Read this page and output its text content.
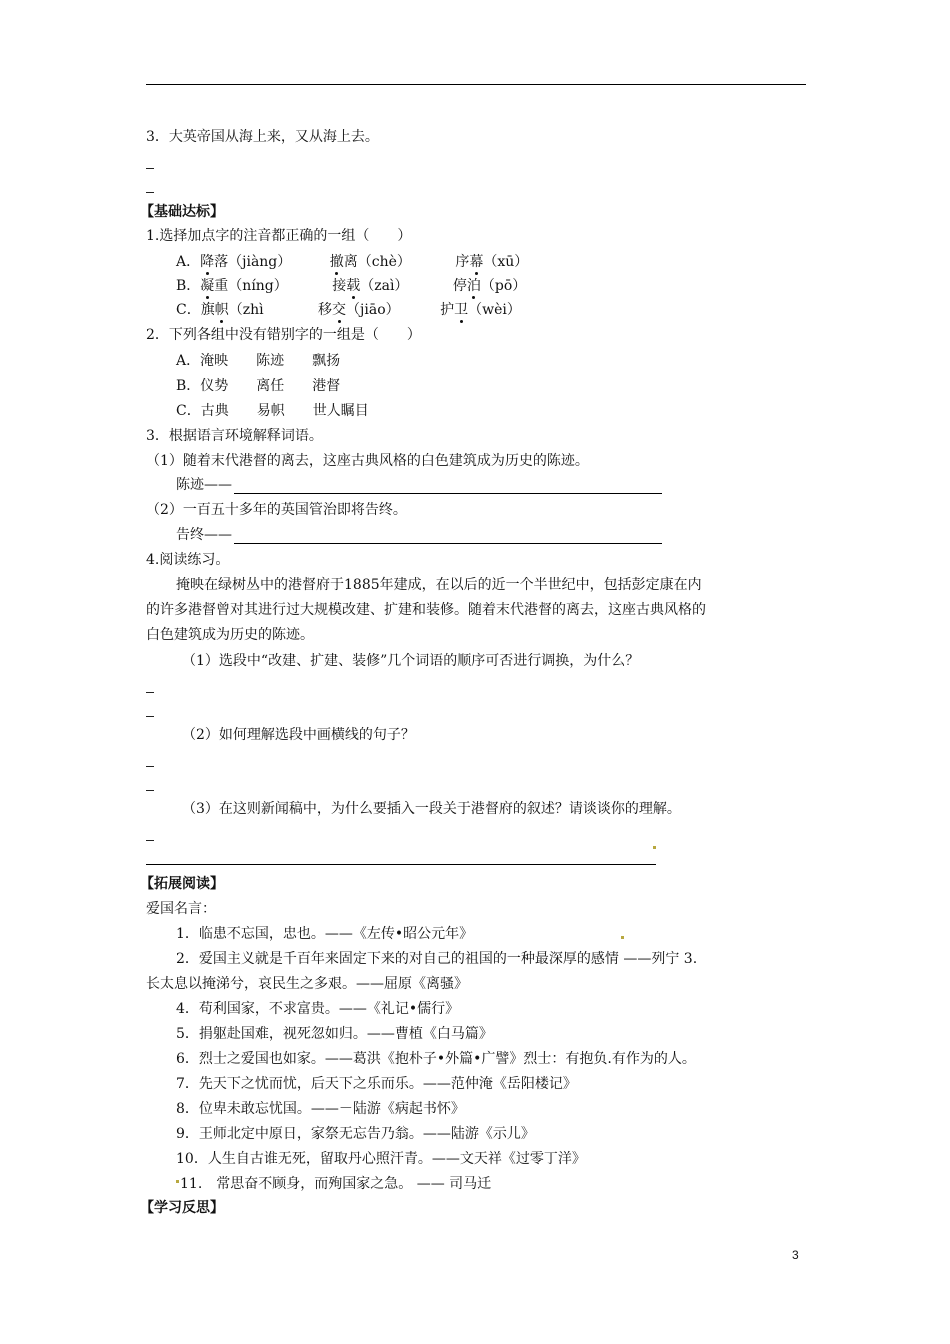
3．大英帝国从海上来，又从海上去。
【基础达标】
1.选择加点字的注音都正确的一组（　　）
A．降落（jiàng）	撤离（chè）	序幕（xū）
B．凝重（níng）	接载（zaì）	停泊（pō）
C．旗帜（zhì	移交（jiāo）	护卫（wèi）
2．下列各组中没有错别字的一组是（　　）
A．淹映　　陈迹　　飘扬
B．仪势　　离任　　港督
C．古典　　易帜　　世人瞩目
3．根据语言环境解释词语。
（1）随着末代港督的离去，这座古典风格的白色建筑成为历史的陈迹。
陈迹——
（2）一百五十多年的英国管治即将告终。
告终——
4.阅读练习。
掩映在绿树丛中的港督府于1885年建成，在以后的近一个半世纪中，包括彭定康在内
的许多港督曾对其进行过大规模改建、扩建和装修。随着末代港督的离去，这座古典风格的
白色建筑成为历史的陈迹。
（1）选段中“改建、扩建、装修”几个词语的顺序可否进行调换，为什么？
（2）如何理解选段中画横线的句子？
（3）在这则新闻稿中，为什么要插入一段关于港督府的叙述？请谈谈你的理解。
【拓展阅读】
爱国名言：
1．临患不忘国，忠也。——《左传•昭公元年》
2．爱国主义就是千百年来固定下来的对自己的祖国的一种最深厚的感情 ——列宁 3.
长太息以掩涕兮，哀民生之多艰。——屈原《离骚》
4．苟利国家，不求富贵。——《礼记•儒行》
5．捐躯赴国难，视死忽如归。——曹植《白马篇》
6．烈士之爱国也如家。——葛洪《抱朴子•外篇•广譬》烈士：有抱负.有作为的人。
7．先天下之忧而忧，后天下之乐而乐。——范仲淹《岳阳楼记》
8．位卑未敢忘忧国。——－陆游《病起书怀》
9．王师北定中原日，家祭无忘告乃翁。——陆游《示儿》
10．人生自古谁无死，留取丹心照汗青。——文天祥《过零丁洋》
11.　常思奋不顾身，而殉国家之急。 —— 司马迁
【学习反思】
3
